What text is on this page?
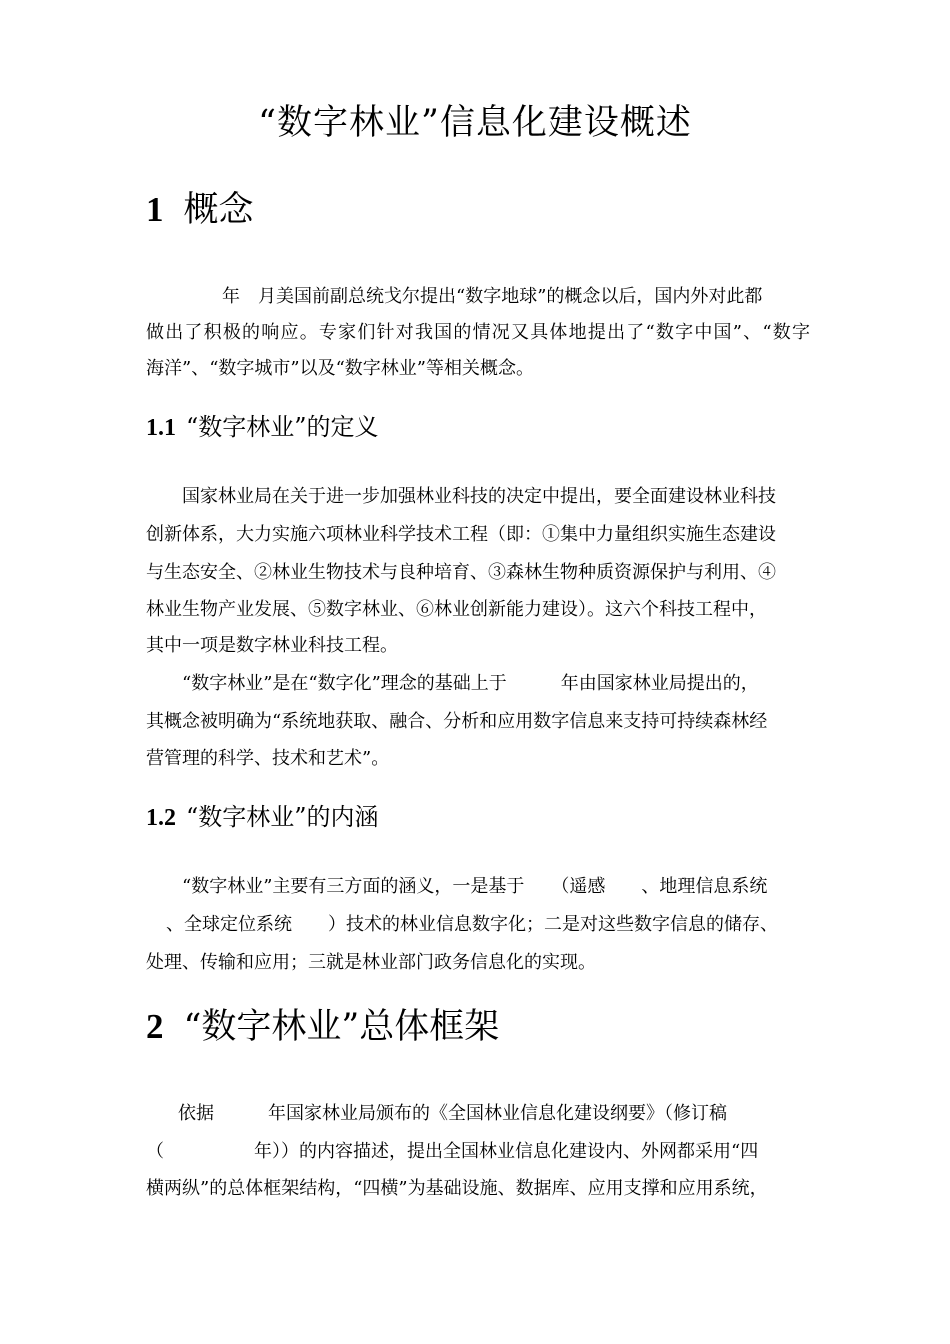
“数字林业”信息化建设概述
1 概念
年　月美国前副总统戈尔提出“数字地球”的概念以后，国内外对此都
做出了积极的响应。专家们针对我国的情况又具体地提出了“数字中国”、“数字
海洋”、“数字城市”以及“数字林业”等相关概念。
1.1 “数字林业”的定义
国家林业局在关于进一步加强林业科技的决定中提出，要全面建设林业科技
创新体系，大力实施六项林业科学技术工程（即：①集中力量组织实施生态建设
与生态安全、②林业生物技术与良种培育、③森林生物种质资源保护与利用、④
林业生物产业发展、⑤数字林业、⑥林业创新能力建设）。这六个科技工程中，
其中一项是数字林业科技工程。
“数字林业”是在“数字化”理念的基础上于　　　年由国家林业局提出的，
其概念被明确为“系统地获取、融合、分析和应用数字信息来支持可持续森林经
营管理的科学、技术和艺术”。
1.2 “数字林业”的内涵
“数字林业”主要有三方面的涵义，一是基于　　（遥感　　、地理信息系统
、全球定位系统　　）技术的林业信息数字化；二是对这些数字信息的储存、
处理、传输和应用；三就是林业部门政务信息化的实现。
2 “数字林业”总体框架
依据　　　年国家林业局颁布的《全国林业信息化建设纲要》（修订稿
（　　　　　年））的内容描述，提出全国林业信息化建设内、外网都采用“四
横两纵”的总体框架结构，“四横”为基础设施、数据库、应用支撑和应用系统，
